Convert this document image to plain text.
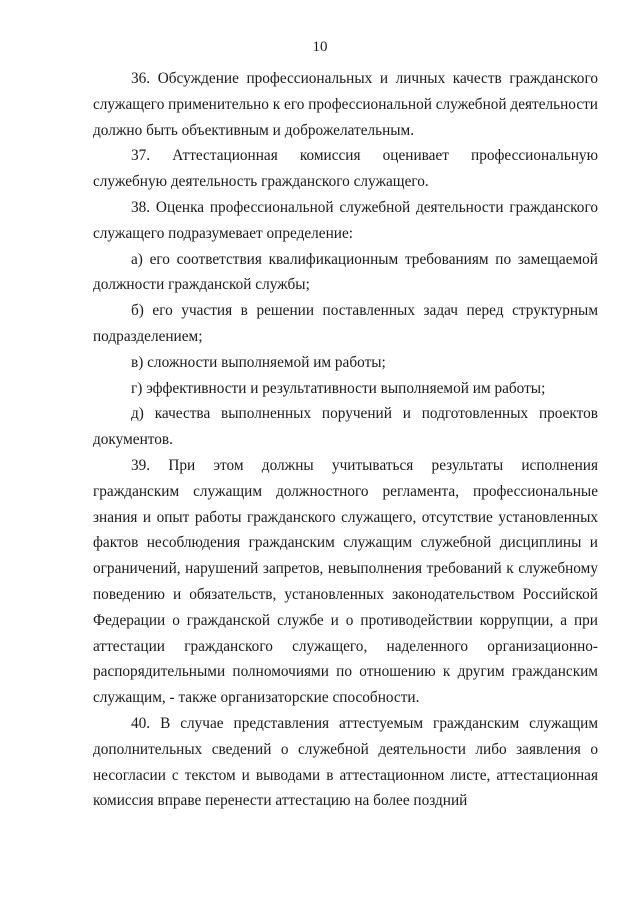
10

36. Обсуждение профессиональных и личных качеств гражданского служащего применительно к его профессиональной служебной деятельности должно быть объективным и доброжелательным.

37. Аттестационная комиссия оценивает профессиональную служебную деятельность гражданского служащего.

38. Оценка профессиональной служебной деятельности гражданского служащего подразумевает определение:

а) его соответствия квалификационным требованиям по замещаемой должности гражданской службы;

б) его участия в решении поставленных задач перед структурным подразделением;

в) сложности выполняемой им работы;

г) эффективности и результативности выполняемой им работы;

д) качества выполненных поручений и подготовленных проектов документов.

39. При этом должны учитываться результаты исполнения гражданским служащим должностного регламента, профессиональные знания и опыт работы гражданского служащего, отсутствие установленных фактов несоблюдения гражданским служащим служебной дисциплины и ограничений, нарушений запретов, невыполнения требований к служебному поведению и обязательств, установленных законодательством Российской Федерации о гражданской службе и о противодействии коррупции, а при аттестации гражданского служащего, наделенного организационно-распорядительными полномочиями по отношению к другим гражданским служащим, - также организаторские способности.

40. В случае представления аттестуемым гражданским служащим дополнительных сведений о служебной деятельности либо заявления о несогласии с текстом и выводами в аттестационном листе, аттестационная комиссия вправе перенести аттестацию на более поздний
